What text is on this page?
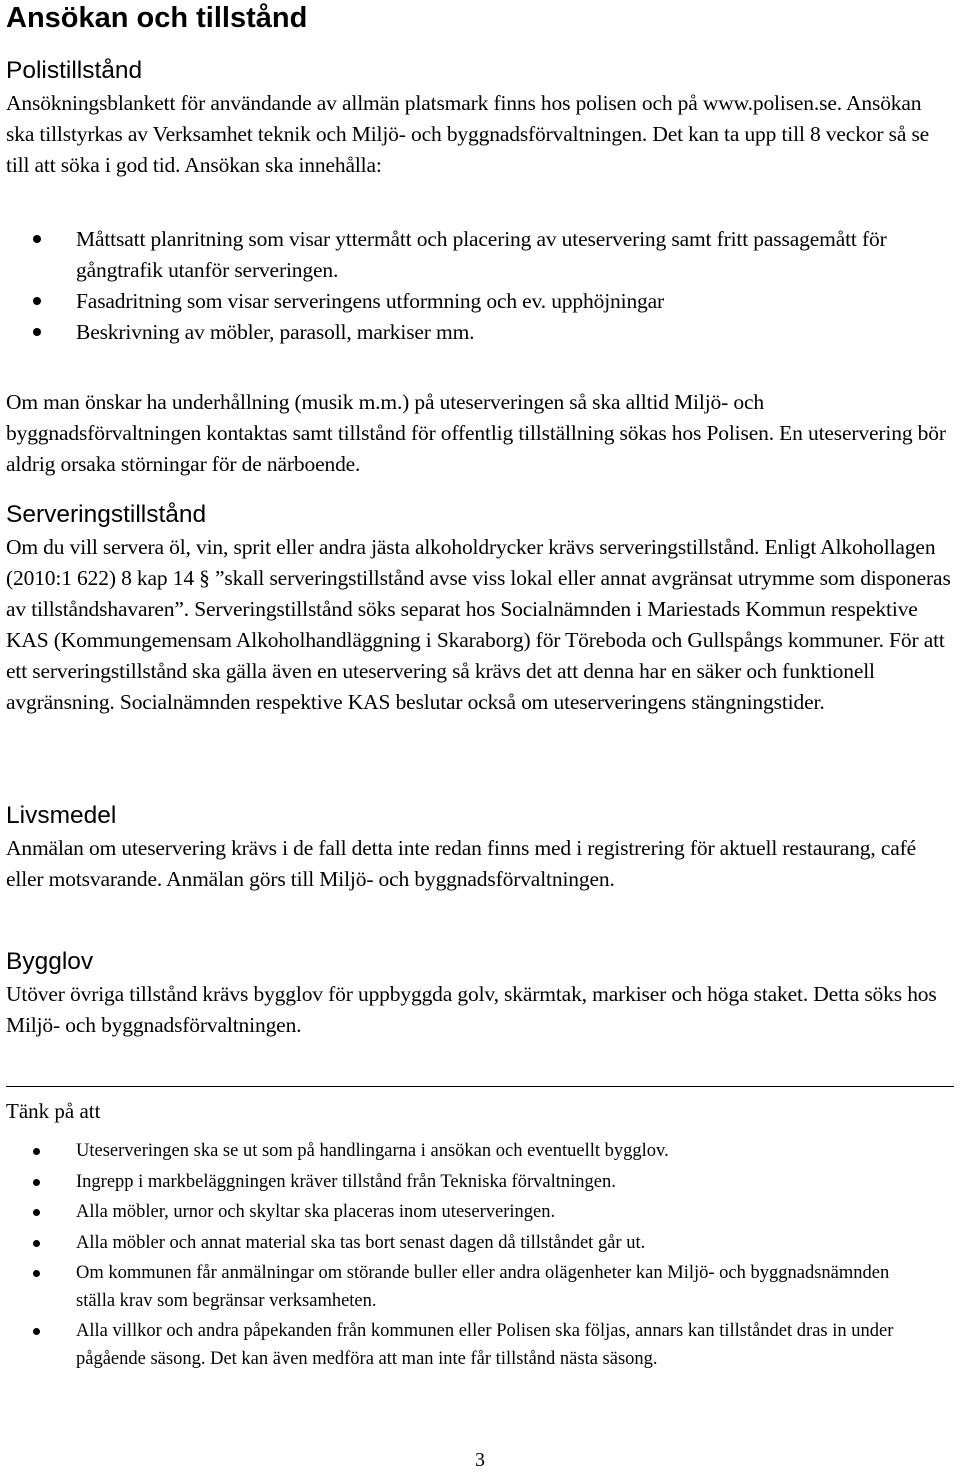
Ansökan och tillstånd
Polistillstånd

Ansökningsblankett för användande av allmän platsmark finns hos polisen och på www.polisen.se. Ansökan ska tillstyrkas av Verksamhet teknik och Miljö- och byggnadsförvaltningen. Det kan ta upp till 8 veckor så se till att söka i god tid. Ansökan ska innehålla:

Måttsatt planritning som visar yttermått och placering av uteservering samt fritt passagemått för gångtrafik utanför serveringen.
Fasadritning som visar serveringens utformning och ev. upphöjningar
Beskrivning av möbler, parasoll, markiser mm.

Om man önskar ha underhållning (musik m.m.) på uteserveringen så ska alltid Miljö- och byggnadsförvaltningen kontaktas samt tillstånd för offentlig tillställning sökas hos Polisen. En uteservering bör aldrig orsaka störningar för de närboende.

Serveringstillstånd

Om du vill servera öl, vin, sprit eller andra jästa alkoholdrycker krävs serveringstillstånd. Enligt Alkohollagen (2010:1 622) 8 kap 14 § ”skall serveringstillstånd avse viss lokal eller annat avgränsat utrymme som disponeras av tillståndshavaren”. Serveringstillstånd söks separat hos Socialnämnden i Mariestads Kommun respektive KAS (Kommungemensam Alkoholhandläggning i Skaraborg) för Töreboda och Gullspångs kommuner. För att ett serveringstillstånd ska gälla även en uteservering så krävs det att denna har en säker och funktionell avgränsning. Socialnämnden respektive KAS beslutar också om uteserveringens stängningstider.

Livsmedel

Anmälan om uteservering krävs i de fall detta inte redan finns med i registrering för aktuell restaurang, café eller motsvarande. Anmälan görs till Miljö- och byggnadsförvaltningen.

Bygglov

Utöver övriga tillstånd krävs bygglov för uppbyggda golv, skärmtak, markiser och höga staket. Detta söks hos Miljö- och byggnadsförvaltningen.

Tänk på att
Uteserveringen ska se ut som på handlingarna i ansökan och eventuellt bygglov.
Ingrepp i markbeläggningen kräver tillstånd från Tekniska förvaltningen.
Alla möbler, urnor och skyltar ska placeras inom uteserveringen.
Alla möbler och annat material ska tas bort senast dagen då tillståndet går ut.
Om kommunen får anmälningar om störande buller eller andra olägenheter kan Miljö- och byggnadsnämnden ställa krav som begränsar verksamheten.
Alla villkor och andra påpekanden från kommunen eller Polisen ska följas, annars kan tillståndet dras in under pågående säsong. Det kan även medföra att man inte får tillstånd nästa säsong.
3
